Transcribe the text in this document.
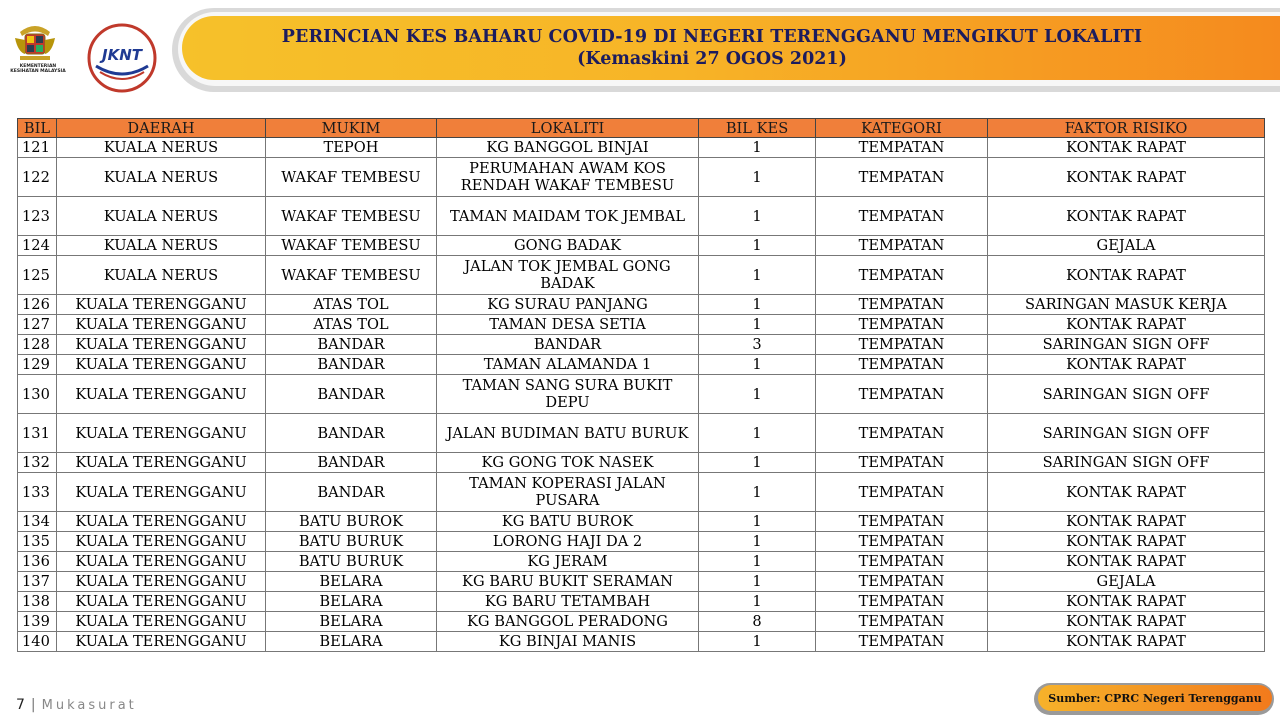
KEMENTERIAN KESIHATAN MALAYSIA
JKNT
PERINCIAN KES BAHARU COVID-19 DI NEGERI TERENGGANU MENGIKUT LOKALITI
(Kemaskini 27 OGOS 2021)
BIL	DAERAH	MUKIM	LOKALITI	BIL KES	KATEGORI	FAKTOR RISIKO
121	KUALA NERUS	TEPOH	KG BANGGOL BINJAI	1	TEMPATAN	KONTAK RAPAT
122	KUALA NERUS	WAKAF TEMBESU	PERUMAHAN AWAM KOS RENDAH WAKAF TEMBESU	1	TEMPATAN	KONTAK RAPAT
123	KUALA NERUS	WAKAF TEMBESU	TAMAN MAIDAM TOK JEMBAL	1	TEMPATAN	KONTAK RAPAT
124	KUALA NERUS	WAKAF TEMBESU	GONG BADAK	1	TEMPATAN	GEJALA
125	KUALA NERUS	WAKAF TEMBESU	JALAN TOK JEMBAL GONG BADAK	1	TEMPATAN	KONTAK RAPAT
126	KUALA TERENGGANU	ATAS TOL	KG SURAU PANJANG	1	TEMPATAN	SARINGAN MASUK KERJA
127	KUALA TERENGGANU	ATAS TOL	TAMAN DESA SETIA	1	TEMPATAN	KONTAK RAPAT
128	KUALA TERENGGANU	BANDAR	BANDAR	3	TEMPATAN	SARINGAN SIGN OFF
129	KUALA TERENGGANU	BANDAR	TAMAN ALAMANDA 1	1	TEMPATAN	KONTAK RAPAT
130	KUALA TERENGGANU	BANDAR	TAMAN SANG SURA BUKIT DEPU	1	TEMPATAN	SARINGAN SIGN OFF
131	KUALA TERENGGANU	BANDAR	JALAN BUDIMAN BATU BURUK	1	TEMPATAN	SARINGAN SIGN OFF
132	KUALA TERENGGANU	BANDAR	KG GONG TOK NASEK	1	TEMPATAN	SARINGAN SIGN OFF
133	KUALA TERENGGANU	BANDAR	TAMAN KOPERASI JALAN PUSARA	1	TEMPATAN	KONTAK RAPAT
134	KUALA TERENGGANU	BATU BUROK	KG BATU BUROK	1	TEMPATAN	KONTAK RAPAT
135	KUALA TERENGGANU	BATU BURUK	LORONG HAJI DA 2	1	TEMPATAN	KONTAK RAPAT
136	KUALA TERENGGANU	BATU BURUK	KG JERAM	1	TEMPATAN	KONTAK RAPAT
137	KUALA TERENGGANU	BELARA	KG BARU BUKIT SERAMAN	1	TEMPATAN	GEJALA
138	KUALA TERENGGANU	BELARA	KG BARU TETAMBAH	1	TEMPATAN	KONTAK RAPAT
139	KUALA TERENGGANU	BELARA	KG BANGGOL PERADONG	8	TEMPATAN	KONTAK RAPAT
140	KUALA TERENGGANU	BELARA	KG BINJAI MANIS	1	TEMPATAN	KONTAK RAPAT
7 | Mukasurat	Sumber: CPRC Negeri Terengganu
